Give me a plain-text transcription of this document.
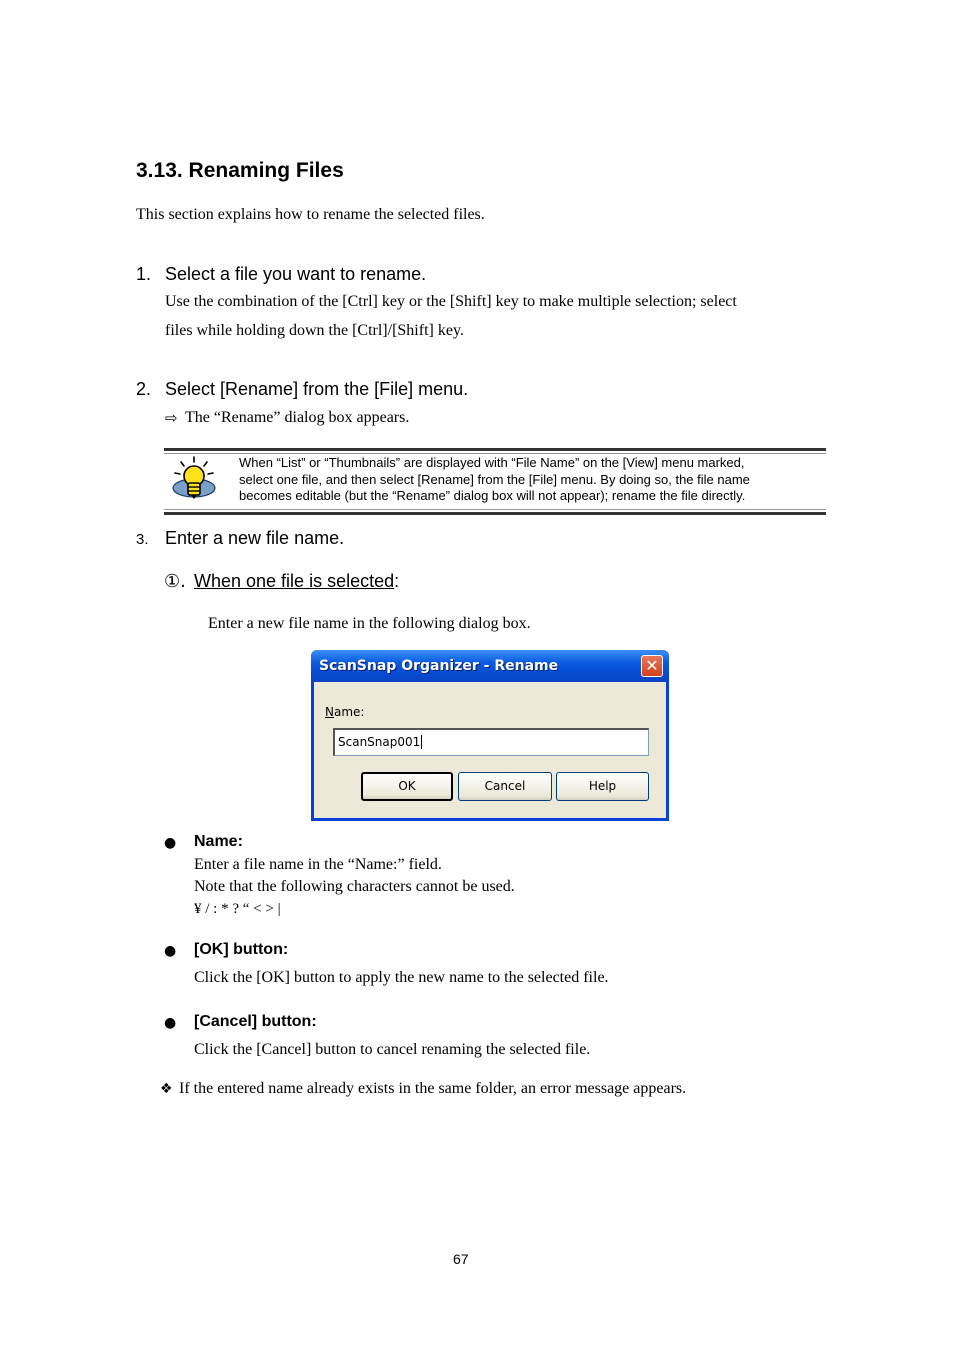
3.13. Renaming Files
This section explains how to rename the selected files.
1. Select a file you want to rename.
Use the combination of the [Ctrl] key or the [Shift] key to make multiple selection; select
files while holding down the [Ctrl]/[Shift] key.
2. Select [Rename] from the [File] menu.
⇨ The “Rename” dialog box appears.
When “List” or “Thumbnails” are displayed with “File Name” on the [View] menu marked,
select one file, and then select [Rename] from the [File] menu. By doing so, the file name
becomes editable (but the “Rename” dialog box will not appear); rename the file directly.
3. Enter a new file name.
①. When one file is selected:
Enter a new file name in the following dialog box.
ScanSnap Organizer - Rename	✕
Name:
ScanSnap001
OK	Cancel	Help
● Name:
Enter a file name in the “Name:” field.
Note that the following characters cannot be used.
¥ / : * ? “ < > |
● [OK] button:
Click the [OK] button to apply the new name to the selected file.
● [Cancel] button:
Click the [Cancel] button to cancel renaming the selected file.
❖ If the entered name already exists in the same folder, an error message appears.
67
